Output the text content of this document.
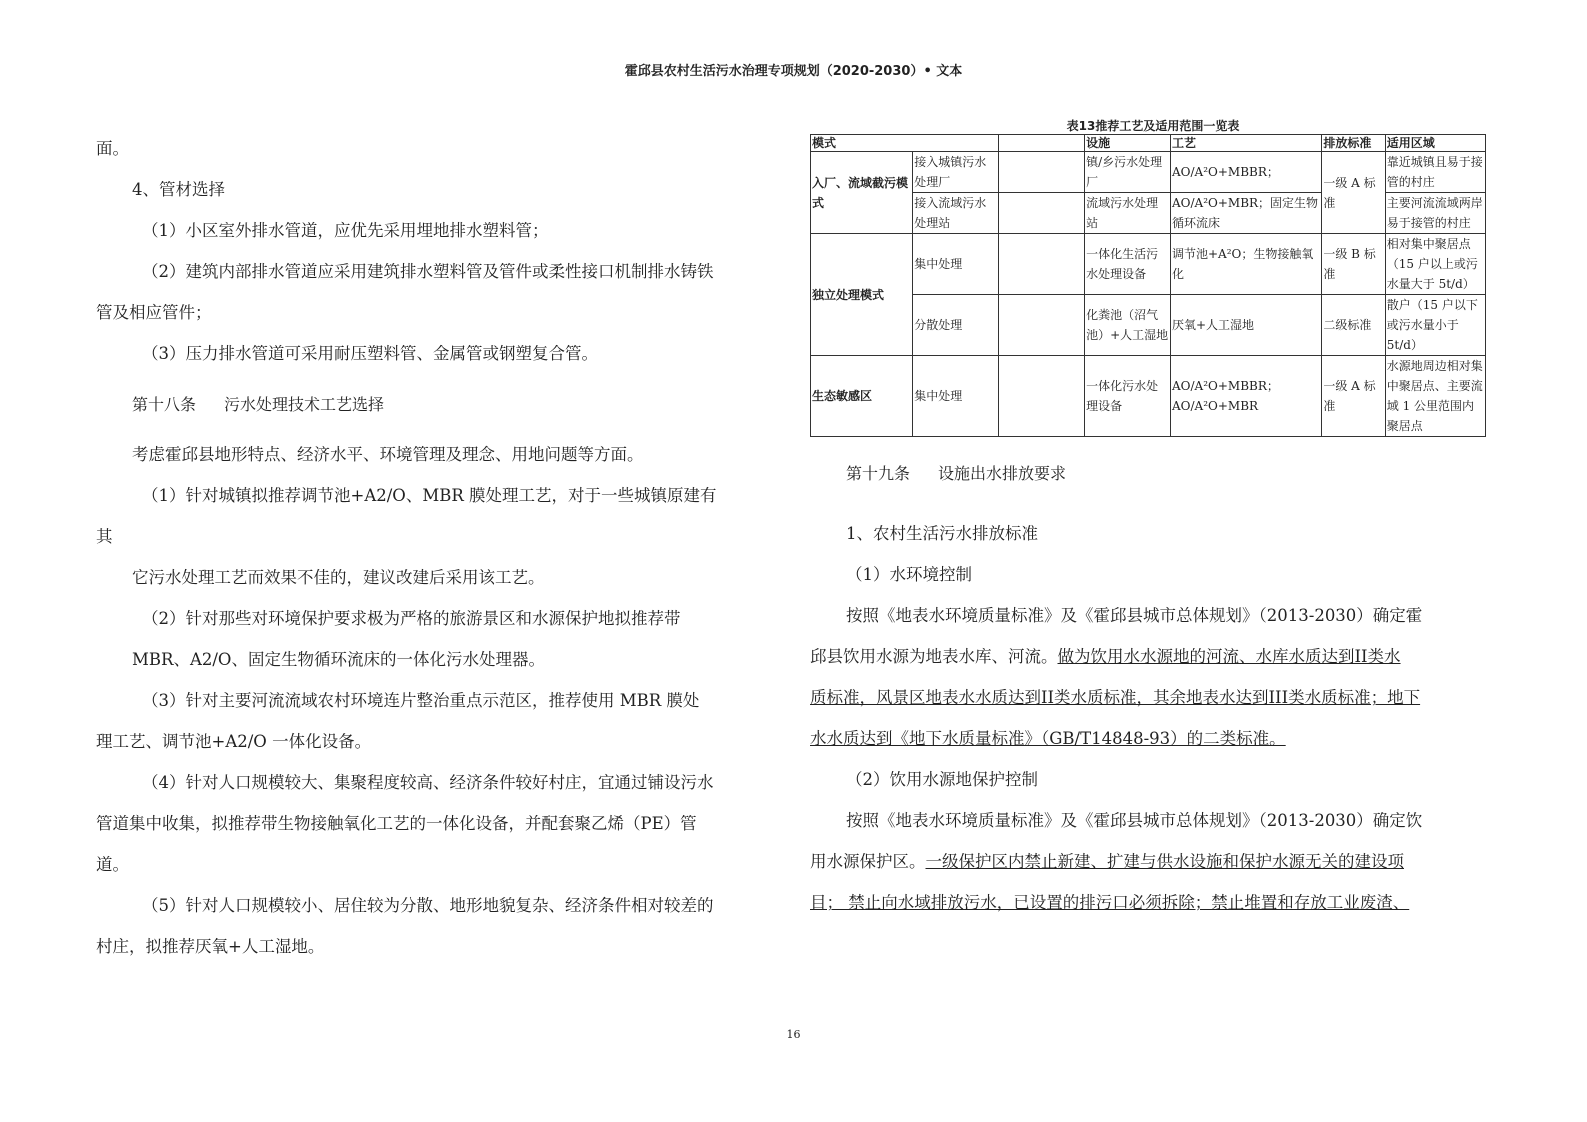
霍邱县农村生活污水治理专项规划（2020-2030）• 文本
面。
4、管材选择
（1）小区室外排水管道，应优先采用埋地排水塑料管；
（2）建筑内部排水管道应采用建筑排水塑料管及管件或柔性接口机制排水铸铁
管及相应管件；
（3）压力排水管道可采用耐压塑料管、金属管或钢塑复合管。
第十八条 污水处理技术工艺选择
考虑霍邱县地形特点、经济水平、环境管理及理念、用地问题等方面。
（1）针对城镇拟推荐调节池+A2/O、MBR 膜处理工艺，对于一些城镇原建有
其
它污水处理工艺而效果不佳的，建议改建后采用该工艺。
（2）针对那些对环境保护要求极为严格的旅游景区和水源保护地拟推荐带
MBR、A2/O、固定生物循环流床的一体化污水处理器。
（3）针对主要河流流域农村环境连片整治重点示范区，推荐使用 MBR 膜处
理工艺、调节池+A2/O 一体化设备。
（4）针对人口规模较大、集聚程度较高、经济条件较好村庄，宜通过铺设污水
管道集中收集，拟推荐带生物接触氧化工艺的一体化设备，并配套聚乙烯（PE）管
道。
（5）针对人口规模较小、居住较为分散、地形地貌复杂、经济条件相对较差的
村庄，拟推荐厌氧+人工湿地。
表13推荐工艺及适用范围一览表
模式			设施	工艺	排放标准	适用区域
入厂、流域截污模式	接入城镇污水处理厂		镇/乡污水处理厂	AO/A²O+MBBR；	一级 A 标准	靠近城镇且易于接管的村庄
	接入流域污水处理站		流域污水处理站	AO/A²O+MBR；固定生物循环流床		主要河流流域两岸易于接管的村庄
独立处理模式	集中处理		一体化生活污水处理设备	调节池+A²O；生物接触氧化	一级 B 标准	相对集中聚居点（15 户以上或污水量大于 5t/d）
	分散处理		化粪池（沼气池）+人工湿地	厌氧+人工湿地	二级标准	散户（15 户以下或污水量小于 5t/d）
生态敏感区	集中处理		一体化污水处理设备	AO/A²O+MBBR；AO/A²O+MBR	一级 A 标准	水源地周边相对集中聚居点、主要流域 1 公里范围内聚居点
第十九条 设施出水排放要求
1、农村生活污水排放标准
（1）水环境控制
按照《地表水环境质量标准》及《霍邱县城市总体规划》（2013-2030）确定霍
邱县饮用水源为地表水库、河流。做为饮用水水源地的河流、水库水质达到II类水
质标准，风景区地表水水质达到II类水质标准，其余地表水达到III类水质标准；地下
水水质达到《地下水质量标准》（GB/T14848-93）的二类标准。
（2）饮用水源地保护控制
按照《地表水环境质量标准》及《霍邱县城市总体规划》（2013-2030）确定饮
用水源保护区。一级保护区内禁止新建、扩建与供水设施和保护水源无关的建设项
目； 禁止向水域排放污水，已设置的排污口必须拆除；禁止堆置和存放工业废渣、
16
